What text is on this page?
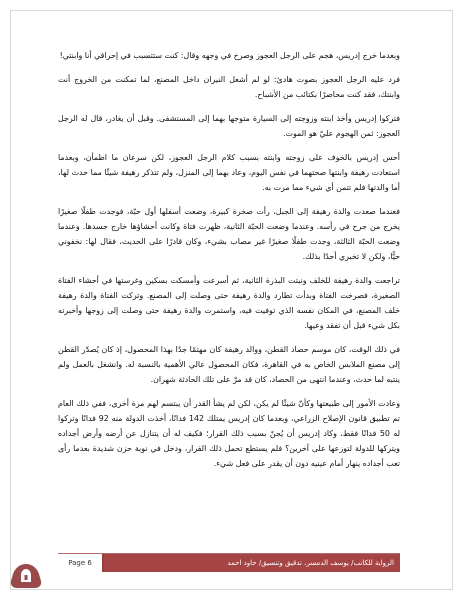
وبعدما خرج إدريس، هجم على الرجل العجوز وصرخ في وجهه وقال: كنت ستتسبب في إحراقي أنا وابنتي!

فرد عليه الرجل العجوز بصوت هادئ: لو لم أشعل النيران داخل المصنع، لما تمكنت من الخروج أنت وابنتك، فقد كنت محاصرًا بكتائب من الأشباح.

فتركوا إدريس وأخذ ابنته وزوجته إلى السيارة متوجها بهما إلى المستشفى. وقبل أن يغادر، قال له الرجل العجوز: ثمن الهجوم عليّ هو الموت.

أحس إدريس بالخوف على زوجته وابنته بسبب كلام الرجل العجوز، لكن سرعان ما اطمأن، وبعدما استعادت رهيفة وابنتها صحتهما في نفس اليوم، وعاد بهما إلى المنزل، ولم تتذكر رهيفة شيئًا مما حدث لها، أما والدتها فلم تتمن أي شيء مما مرت به.

فعندما صعدت والدة رهيفة إلى الجبل، رأت صخرة كبيرة، وضعت أسفلها أول حبّة، فوجدت طفلًا صغيرًا يخرج من جرح في رأسه. وعندما وضعت الحبّة الثانية، ظهرت فتاة وكانت أحشاؤها خارج جسدها. وعندما وضعت الحبّة الثالثة، وجدت طفلًا صغيرًا غير مصاب بشيء، وكان قادرًا على الحديث، فقال لها: نخفوني حيًّا، ولكن لا تخبري أحدًا بذلك.

تراجعت والدة رهيفة للخلف ونبتت البذرة الثانية، ثم أسرعت وأمسكت بسكين وغرستها في أحشاء الفتاة الصغيرة، فصرخت الفتاة وبدأت تطارد والدة رهيفة حتى وصلت إلى المصنع. وتركت الفتاة والدة رهيفة خلف المصنع، في المكان نفسه الذي توفيت فيه، واستمرت والدة رهيفة حتى وصلت إلى زوجها وأخبرته بكل شيء قبل أن تفقد وعيها.

في ذلك الوقت، كان موسم حصاد القطن، ووالد رهيفة كان مهتمًا جدًا بهذا المحصول، إذ كان يُصدّر القطن إلى مصنع الملابس الخاص به في القاهرة، فكان المحصول عالي الأهمية بالنسبة له. وانشغل بالعمل ولم ينتبه لما حدث، وعندما انتهى من الحصاد، كان قد مرّ على تلك الحادثة شهران.

وعادت الأمور إلى طبيعتها وكأنّ شيئًا لم يكن، لكن لم يشأ القدر أن يبتسم لهم مرة أخرى، ففي ذلك العام تم تطبيق قانون الإصلاح الزراعي، وبعدما كان إدريس يمتلك 142 فدانًا، أخذت الدولة منه 92 فدانًا وتركوا له 50 فدانًا فقط، وكاد إدريس أن يُجنّ بسبب ذلك القرار؛ فكيف له أن يتنازل عن أرضه وأرض أجداده ويتركها للدولة لتوزعها على آخرين؟ فلم يستطع تحمل ذلك القرار، ودخل في نوبة حزن شديدة بعدما رأى تعب أجداده ينهار أمام عينيه دون أن يقدر على فعل شيء.

Page 6	الرواية للكاتب/ يوسف الدمسر، تدقيق وتنسيق/ حاود احمد
